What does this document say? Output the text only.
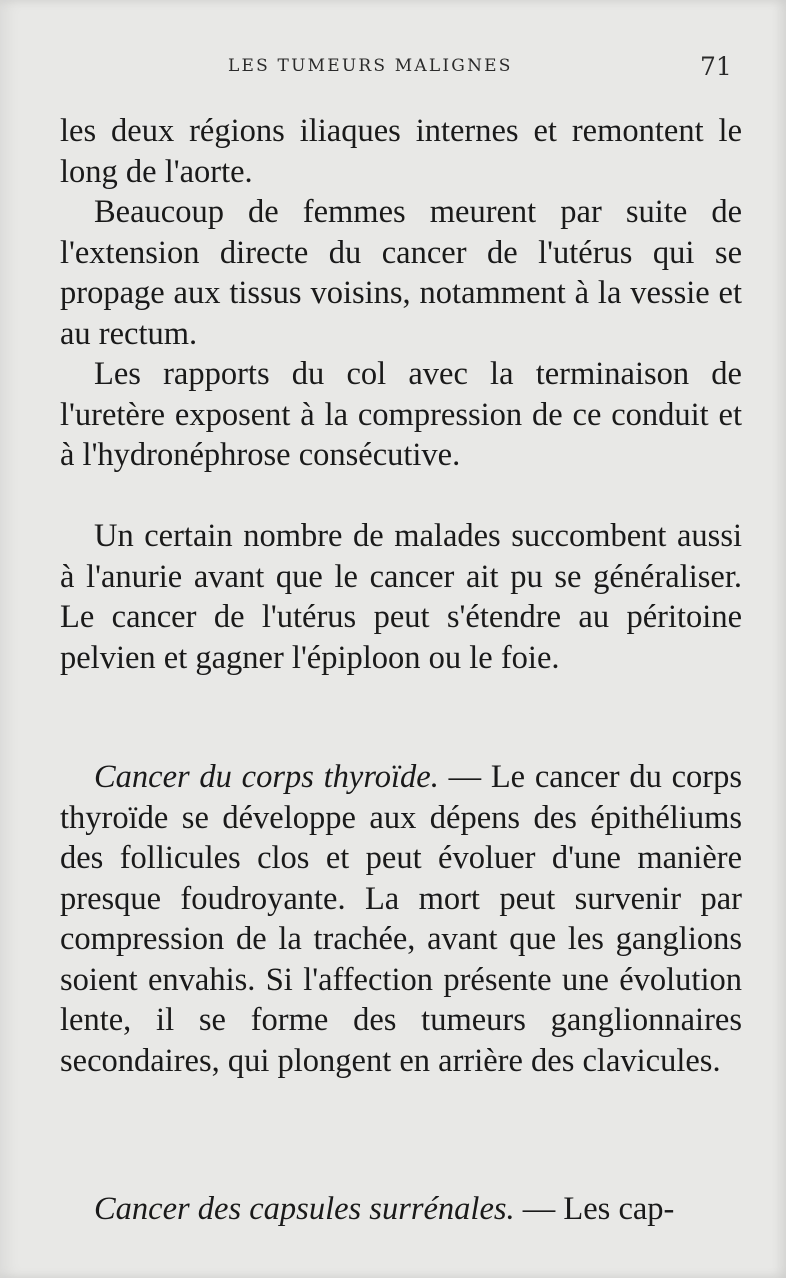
LES TUMEURS MALIGNES	71

les deux régions iliaques internes et remontent le long de l'aorte.

Beaucoup de femmes meurent par suite de l'extension directe du cancer de l'utérus qui se propage aux tissus voisins, notamment à la vessie et au rectum.

Les rapports du col avec la terminaison de l'uretère exposent à la compression de ce conduit et à l'hydronéphrose consécutive.

Un certain nombre de malades succombent aussi à l'anurie avant que le cancer ait pu se généraliser. Le cancer de l'utérus peut s'étendre au péritoine pelvien et gagner l'épiploon ou le foie.

Cancer du corps thyroïde. — Le cancer du corps thyroïde se développe aux dépens des épithéliums des follicules clos et peut évoluer d'une manière presque foudroyante. La mort peut survenir par compression de la trachée, avant que les ganglions soient envahis. Si l'affection présente une évolution lente, il se forme des tumeurs ganglionnaires secondaires, qui plongent en arrière des clavicules.

Cancer des capsules surrénales. — Les cap-
